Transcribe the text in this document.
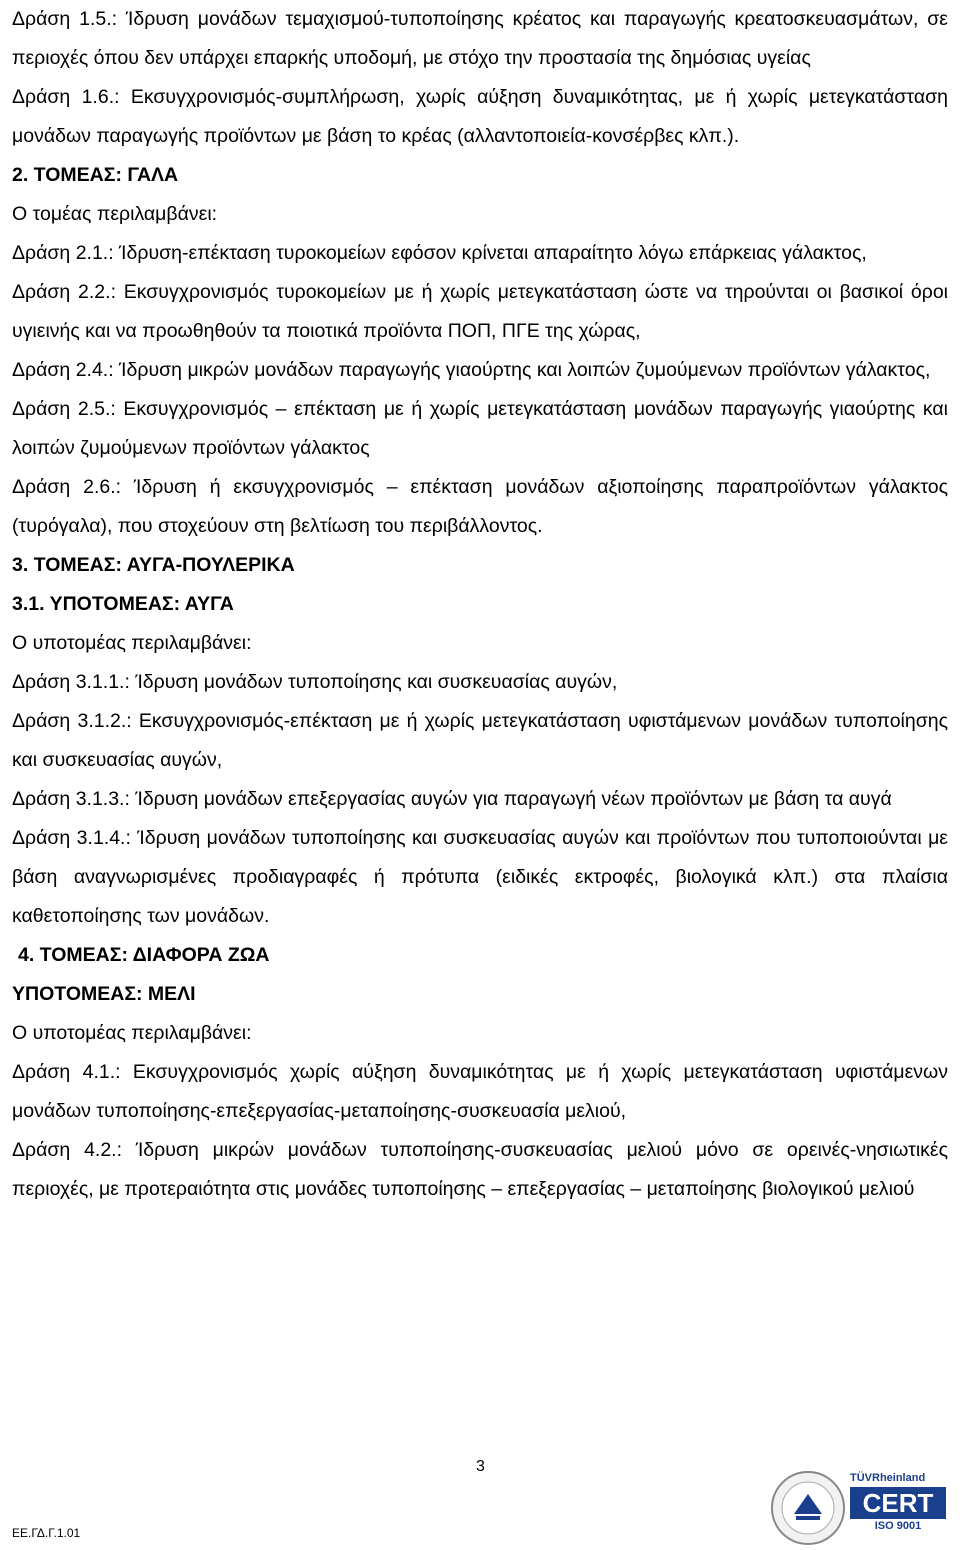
Δράση 1.5.: Ίδρυση μονάδων τεμαχισμού-τυποποίησης κρέατος και παραγωγής κρεατοσκευασμάτων, σε περιοχές όπου δεν υπάρχει επαρκής υποδομή, με στόχο την προστασία της δημόσιας υγείας

Δράση 1.6.: Εκσυγχρονισμός-συμπλήρωση, χωρίς αύξηση δυναμικότητας, με ή χωρίς μετεγκατάσταση μονάδων παραγωγής προϊόντων με βάση το κρέας (αλλαντοποιεία-κονσέρβες κλπ.).

2. ΤΟΜΕΑΣ: ΓΑΛΑ

Ο τομέας περιλαμβάνει:

Δράση 2.1.: Ίδρυση-επέκταση τυροκομείων εφόσον κρίνεται απαραίτητο λόγω επάρκειας γάλακτος,

Δράση 2.2.: Εκσυγχρονισμός τυροκομείων με ή χωρίς μετεγκατάσταση ώστε να τηρούνται οι βασικοί όροι υγιεινής και να προωθηθούν τα ποιοτικά προϊόντα ΠΟΠ, ΠΓΕ της χώρας,

Δράση 2.4.: Ίδρυση μικρών μονάδων παραγωγής γιαούρτης και λοιπών ζυμούμενων προϊόντων γάλακτος,

Δράση 2.5.: Εκσυγχρονισμός – επέκταση με ή χωρίς μετεγκατάσταση μονάδων παραγωγής γιαούρτης και λοιπών ζυμούμενων προϊόντων γάλακτος

Δράση 2.6.: Ίδρυση ή εκσυγχρονισμός – επέκταση μονάδων αξιοποίησης παραπροϊόντων γάλακτος (τυρόγαλα), που στοχεύουν στη βελτίωση του περιβάλλοντος.

3. ΤΟΜΕΑΣ: ΑΥΓΑ-ΠΟΥΛΕΡΙΚΑ

3.1. ΥΠΟΤΟΜΕΑΣ: ΑΥΓΑ

Ο υποτομέας περιλαμβάνει:

Δράση 3.1.1.: Ίδρυση μονάδων τυποποίησης και συσκευασίας αυγών,

Δράση 3.1.2.: Εκσυγχρονισμός-επέκταση με ή χωρίς μετεγκατάσταση υφιστάμενων μονάδων τυποποίησης και συσκευασίας αυγών,

Δράση 3.1.3.: Ίδρυση μονάδων επεξεργασίας αυγών για παραγωγή νέων προϊόντων με βάση τα αυγά

Δράση 3.1.4.: Ίδρυση μονάδων τυποποίησης και συσκευασίας αυγών και προϊόντων που τυποποιούνται με βάση αναγνωρισμένες προδιαγραφές ή πρότυπα (ειδικές εκτροφές, βιολογικά κλπ.) στα πλαίσια καθετοποίησης των μονάδων.

4. ΤΟΜΕΑΣ: ΔΙΑΦΟΡΑ ΖΩΑ

ΥΠΟΤΟΜΕΑΣ: ΜΕΛΙ

Ο υποτομέας περιλαμβάνει:

Δράση 4.1.: Εκσυγχρονισμός χωρίς αύξηση δυναμικότητας με ή χωρίς μετεγκατάσταση υφιστάμενων μονάδων τυποποίησης-επεξεργασίας-μεταποίησης-συσκευασία μελιού,

Δράση 4.2.: Ίδρυση μικρών μονάδων τυποποίησης-συσκευασίας μελιού μόνο σε ορεινές-νησιωτικές περιοχές, με προτεραιότητα στις μονάδες τυποποίησης – επεξεργασίας – μεταποίησης βιολογικού μελιού

3
ΕΕ.ΓΔ.Γ.1.01
TÜVRheinland
CERT
ISO 9001
